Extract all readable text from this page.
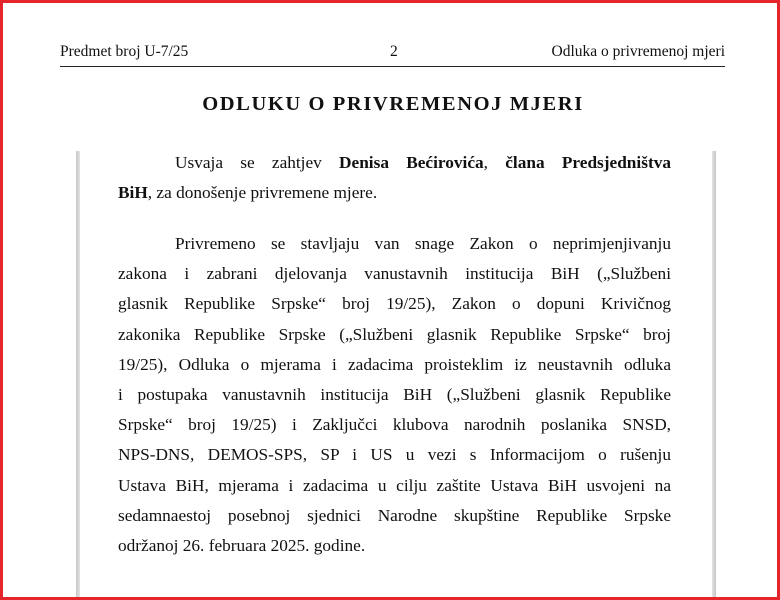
Predmet broj U-7/25	2	Odluka o privremenoj mjeri
ODLUKU O PRIVREMENOJ MJERI
Usvaja se zahtjev Denisa Bećirovića, člana Predsjedništva
BiH, za donošenje privremene mjere.
Privremeno se stavljaju van snage Zakon o neprimjenjivanju
zakona i zabrani djelovanja vanustavnih institucija BiH („Službeni
glasnik Republike Srpske“ broj 19/25), Zakon o dopuni Krivičnog
zakonika Republike Srpske („Službeni glasnik Republike Srpske“ broj
19/25), Odluka o mjerama i zadacima proisteklim iz neustavnih odluka
i postupaka vanustavnih institucija BiH („Službeni glasnik Republike
Srpske“ broj 19/25) i Zaključci klubova narodnih poslanika SNSD,
NPS-DNS, DEMOS-SPS, SP i US u vezi s Informacijom o rušenju
Ustava BiH, mjerama i zadacima u cilju zaštite Ustava BiH usvojeni na
sedamnaestoj posebnoj sjednici Narodne skupštine Republike Srpske
održanoj 26. februara 2025. godine.
